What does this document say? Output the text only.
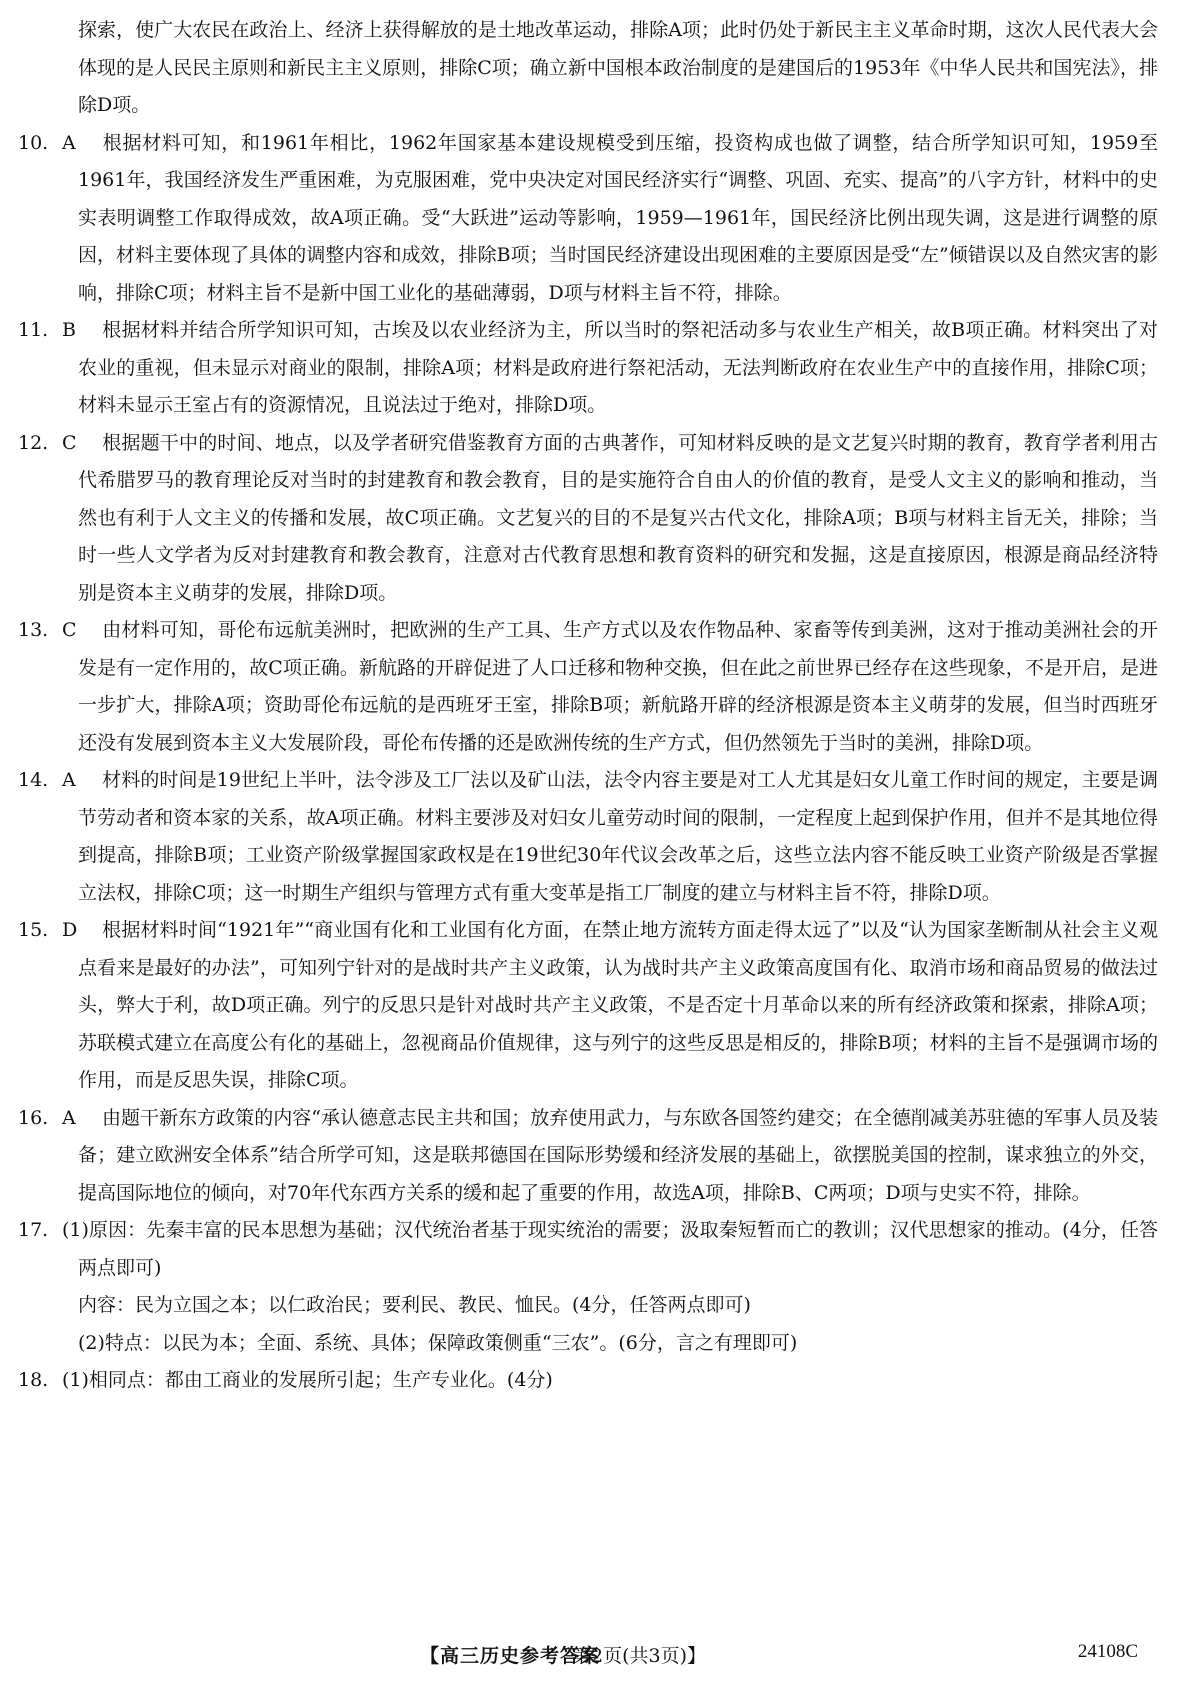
探索，使广大农民在政治上、经济上获得解放的是土地改革运动，排除A项；此时仍处于新民主主义革命时期，这次人民代表大会体现的是人民民主原则和新民主主义原则，排除C项；确立新中国根本政治制度的是建国后的1953年《中华人民共和国宪法》，排除D项。

10. A 根据材料可知，和1961年相比，1962年国家基本建设规模受到压缩，投资构成也做了调整，结合所学知识可知，1959至1961年，我国经济发生严重困难，为克服困难，党中央决定对国民经济实行“调整、巩固、充实、提高”的八字方针，材料中的史实表明调整工作取得成效，故A项正确。受“大跃进”运动等影响，1959—1961年，国民经济比例出现失调，这是进行调整的原因，材料主要体现了具体的调整内容和成效，排除B项；当时国民经济建设出现困难的主要原因是受“左”倾错误以及自然灾害的影响，排除C项；材料主旨不是新中国工业化的基础薄弱，D项与材料主旨不符，排除。
11. B 根据材料并结合所学知识可知，古埃及以农业经济为主，所以当时的祭祀活动多与农业生产相关，故B项正确。材料突出了对农业的重视，但未显示对商业的限制，排除A项；材料是政府进行祭祀活动，无法判断政府在农业生产中的直接作用，排除C项；材料未显示王室占有的资源情况，且说法过于绝对，排除D项。
12. C 根据题干中的时间、地点，以及学者研究借鉴教育方面的古典著作，可知材料反映的是文艺复兴时期的教育，教育学者利用古代希腊罗马的教育理论反对当时的封建教育和教会教育，目的是实施符合自由人的价值的教育，是受人文主义的影响和推动，当然也有利于人文主义的传播和发展，故C项正确。文艺复兴的目的不是复兴古代文化，排除A项；B项与材料主旨无关，排除；当时一些人文学者为反对封建教育和教会教育，注意对古代教育思想和教育资料的研究和发掘，这是直接原因，根源是商品经济特别是资本主义萌芽的发展，排除D项。
13. C 由材料可知，哥伦布远航美洲时，把欧洲的生产工具、生产方式以及农作物品种、家畜等传到美洲，这对于推动美洲社会的开发是有一定作用的，故C项正确。新航路的开辟促进了人口迁移和物种交换，但在此之前世界已经存在这些现象，不是开启，是进一步扩大，排除A项；资助哥伦布远航的是西班牙王室，排除B项；新航路开辟的经济根源是资本主义萌芽的发展，但当时西班牙还没有发展到资本主义大发展阶段，哥伦布传播的还是欧洲传统的生产方式，但仍然领先于当时的美洲，排除D项。
14. A 材料的时间是19世纪上半叶，法令涉及工厂法以及矿山法，法令内容主要是对工人尤其是妇女儿童工作时间的规定，主要是调节劳动者和资本家的关系，故A项正确。材料主要涉及对妇女儿童劳动时间的限制，一定程度上起到保护作用，但并不是其地位得到提高，排除B项；工业资产阶级掌握国家政权是在19世纪30年代议会改革之后，这些立法内容不能反映工业资产阶级是否掌握立法权，排除C项；这一时期生产组织与管理方式有重大变革是指工厂制度的建立与材料主旨不符，排除D项。
15. D 根据材料时间“1921年”“商业国有化和工业国有化方面，在禁止地方流转方面走得太远了”以及“认为国家垄断制从社会主义观点看来是最好的办法”，可知列宁针对的是战时共产主义政策，认为战时共产主义政策高度国有化、取消市场和商品贸易的做法过头，弊大于利，故D项正确。列宁的反思只是针对战时共产主义政策，不是否定十月革命以来的所有经济政策和探索，排除A项；苏联模式建立在高度公有化的基础上，忽视商品价值规律，这与列宁的这些反思是相反的，排除B项；材料的主旨不是强调市场的作用，而是反思失误，排除C项。
16. A 由题干新东方政策的内容“承认德意志民主共和国；放弃使用武力，与东欧各国签约建交；在全德削减美苏驻德的军事人员及装备；建立欧洲安全体系”结合所学可知，这是联邦德国在国际形势缓和经济发展的基础上，欲摆脱美国的控制，谋求独立的外交，提高国际地位的倾向，对70年代东西方关系的缓和起了重要的作用，故选A项，排除B、C两项；D项与史实不符，排除。
17. (1)原因：先秦丰富的民本思想为基础；汉代统治者基于现实统治的需要；汲取秦短暂而亡的教训；汉代思想家的推动。(4分，任答两点即可)

内容：民为立国之本；以仁政治民；要利民、教民、恤民。(4分，任答两点即可)

(2)特点：以民为本；全面、系统、具体；保障政策侧重“三农”。(6分，言之有理即可)

18. (1)相同点：都由工商业的发展所引起；生产专业化。(4分)
【高三历史参考答案
第2页(共3页)】	24108C
